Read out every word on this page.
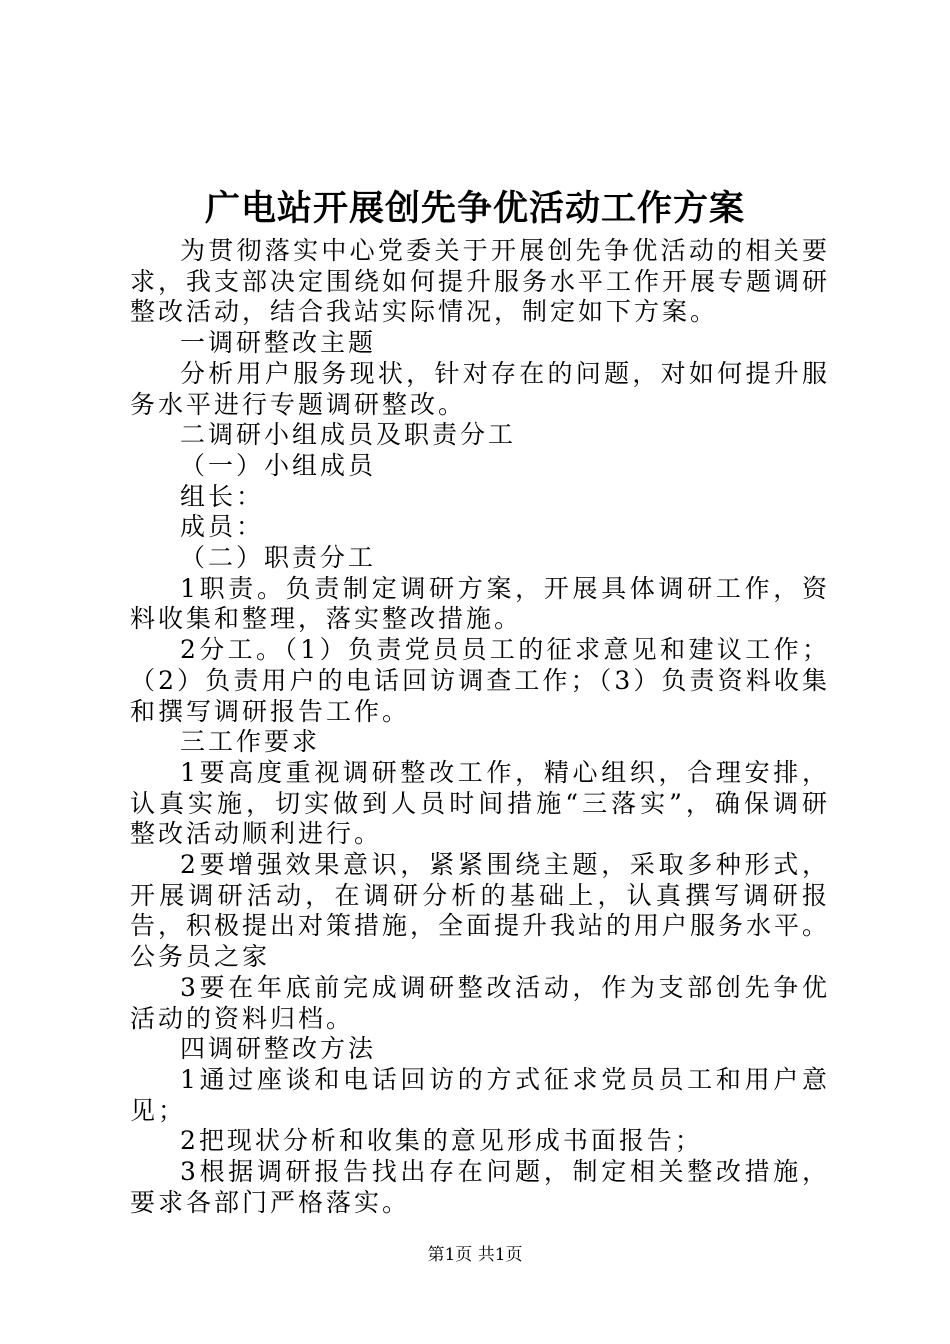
广电站开展创先争优活动工作方案

为贯彻落实中心党委关于开展创先争优活动的相关要求，我支部决定围绕如何提升服务水平工作开展专题调研整改活动，结合我站实际情况，制定如下方案。

一调研整改主题

分析用户服务现状，针对存在的问题，对如何提升服务水平进行专题调研整改。

二调研小组成员及职责分工

（一）小组成员

组长：

成员：

（二）职责分工

1职责。负责制定调研方案，开展具体调研工作，资料收集和整理，落实整改措施。

2分工。（1）负责党员员工的征求意见和建议工作；（2）负责用户的电话回访调查工作；（3）负责资料收集和撰写调研报告工作。

三工作要求

1要高度重视调研整改工作，精心组织，合理安排，认真实施，切实做到人员时间措施“三落实”，确保调研整改活动顺利进行。

2要增强效果意识，紧紧围绕主题，采取多种形式，开展调研活动，在调研分析的基础上，认真撰写调研报告，积极提出对策措施，全面提升我站的用户服务水平。公务员之家

3要在年底前完成调研整改活动，作为支部创先争优活动的资料归档。

四调研整改方法

1通过座谈和电话回访的方式征求党员员工和用户意见；

2把现状分析和收集的意见形成书面报告；

3根据调研报告找出存在问题，制定相关整改措施，要求各部门严格落实。

第1页 共1页
